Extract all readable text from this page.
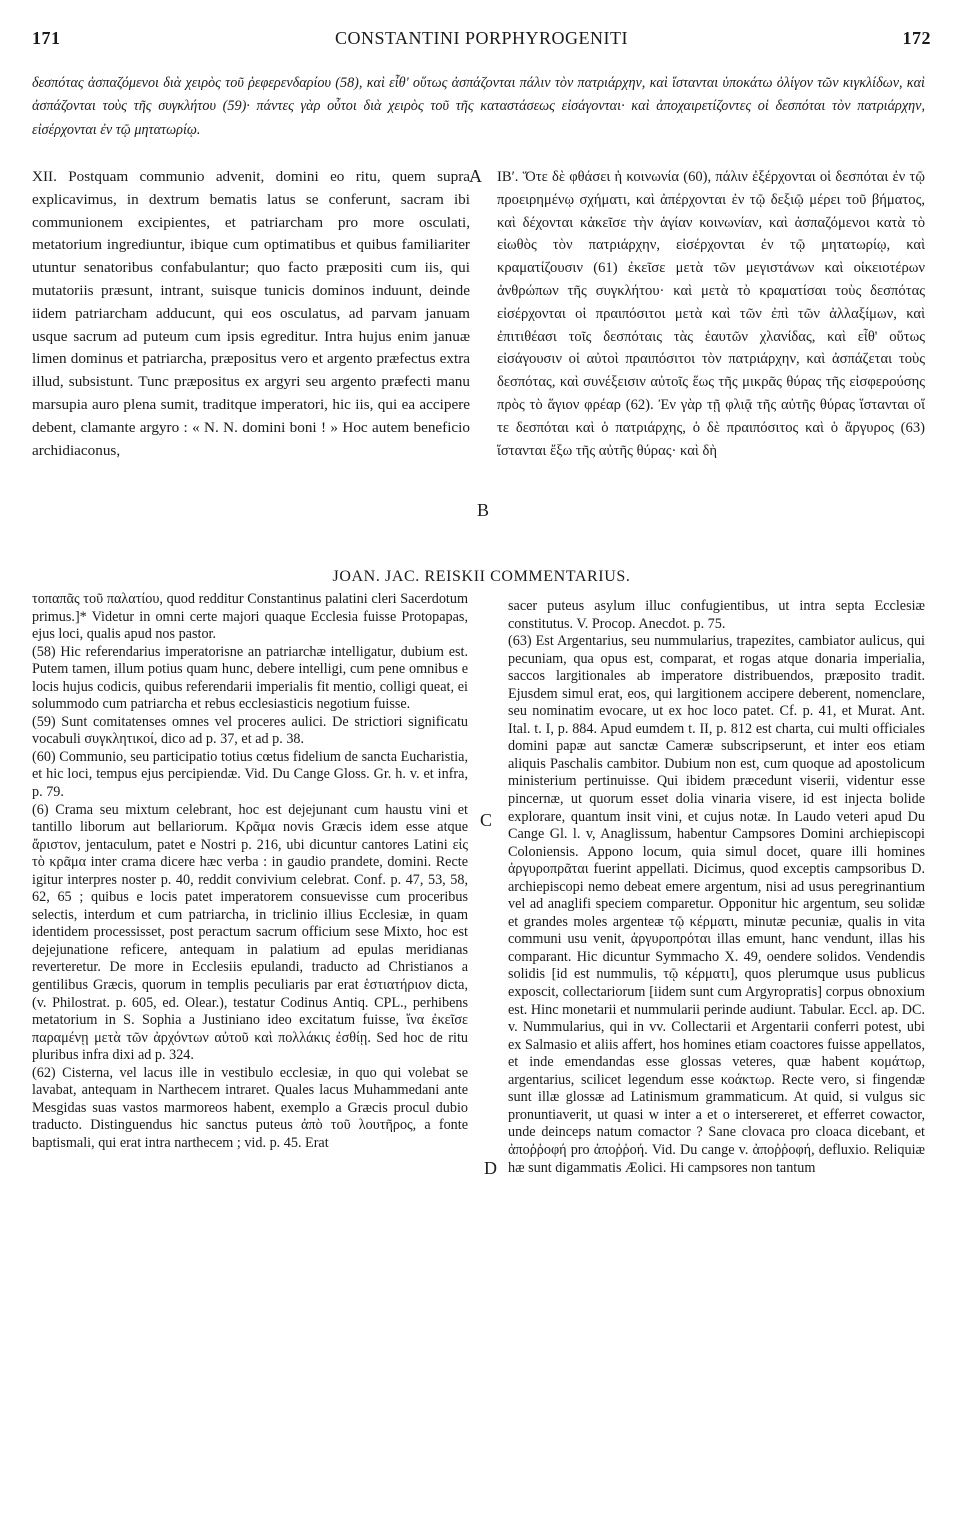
171	CONSTANTINI PORPHYROGENITI	172
δεσπότας ἀσπαζόμενοι διὰ χειρὸς τοῦ ῥεφερενδαρίου (58), καὶ εἶθ' οὕτως ἀσπάζονται πάλιν τὸν πατριάρχην, καὶ ἵστανται ὑποκάτω ὀλίγον τῶν κιγκλίδων, καὶ ἀσπάζονται τοὺς τῆς συγκλήτου (59)· πάντες γὰρ οὗτοι διὰ χειρὸς τοῦ τῆς καταστάσεως εἰσάγονται· καὶ ἀποχαιρετίζοντες οἱ δεσπόται τὸν πατριάρχην, εἰσέρχονται ἐν τῷ μητατωρίῳ.
XII. Postquam communio advenit, domini eo ritu, quem supra explicavimus, in dextrum bematis latus se conferunt, sacram ibi communionem excipientes, et patriarcham pro more osculati, metatorium ingrediuntur, ibique cum optimatibus et quibus familiariter utuntur senatoribus confabulantur; quo facto præpositi cum iis, qui mutatoriis præsunt, intrant, suisque tunicis dominos induunt, deinde iidem patriarcham adducunt, qui eos osculatus, ad parvam januam usque sacrum ad puteum cum ipsis egreditur. Intra hujus enim januæ limen dominus et patriarcha, præpositus vero et argento præfectus extra illud, subsistunt. Tunc præpositus ex argyri seu argento præfecti manu marsupia auro plena sumit, traditque imperatori, hic iis, qui ea accipere debent, clamante argyro : « N. N. domini boni ! » Hoc autem beneficio archidiaconus,
ΙΒʹ. Ὅτε δὲ φθάσει ἡ κοινωνία (60), πάλιν ἐξέρχονται οἱ δεσπόται ἐν τῷ προειρημένῳ σχήματι, καὶ ἀπέρχονται ἐν τῷ δεξιῷ μέρει τοῦ βήματος, καὶ δέχονται κἀκεῖσε τὴν ἁγίαν κοινωνίαν, καὶ ἀσπαζόμενοι κατὰ τὸ εἰωθὸς τὸν πατριάρχην, εἰσέρχονται ἐν τῷ μητατωρίῳ, καὶ κραματίζουσιν (61) ἐκεῖσε μετὰ τῶν μεγιστάνων καὶ οἰκειοτέρων ἀνθρώπων τῆς συγκλήτου· καὶ μετὰ τὸ κραματίσαι τοὺς δεσπότας εἰσέρχονται οἱ πραιπόσιτοι μετὰ καὶ τῶν ἐπὶ τῶν ἀλλαξίμων, καὶ ἐπιτιθέασι τοῖς δεσπόταις τὰς ἑαυτῶν χλανίδας, καὶ εἶθ' οὕτως εἰσάγουσιν οἱ αὐτοὶ πραιπόσιτοι τὸν πατριάρχην, καὶ ἀσπάζεται τοὺς δεσπότας, καὶ συνέξεισιν αὐτοῖς ἕως τῆς μικρᾶς θύρας τῆς εἰσφερούσης πρὸς τὸ ἅγιον φρέαρ (62). Ἐν γὰρ τῇ φλιᾷ τῆς αὐτῆς θύρας ἵστανται οἵ τε δεσπόται καὶ ὁ πατριάρχης, ὁ δὲ πραιπόσιτος καὶ ὁ ἄργυρος (63) ἵστανται ἔξω τῆς αὐτῆς θύρας· καὶ δὴ
A
B
JOAN. JAC. REISKII COMMENTARIUS.

τοπαπᾶς τοῦ παλατίου, quod redditur Constantinus palatini cleri Sacerdotum primus.]* Videtur in omni certe majori quaque Ecclesia fuisse Protopapas, ejus loci, qualis apud nos pastor.

(58) Hic referendarius imperatorisne an patriarchæ intelligatur, dubium est. Putem tamen, illum potius quam hunc, debere intelligi, cum pene omnibus e locis hujus codicis, quibus referendarii imperialis fit mentio, colligi queat, ei solummodo cum patriarcha et rebus ecclesiasticis negotium fuisse.

(59) Sunt comitatenses omnes vel proceres aulici. De strictiori significatu vocabuli συγκλητικοί, dico ad p. 37, et ad p. 38.

(60) Communio, seu participatio totius cœtus fidelium de sancta Eucharistia, et hic loci, tempus ejus percipiendæ. Vid. Du Cange Gloss. Gr. h. v. et infra, p. 79.

(6) Crama seu mixtum celebrant, hoc est dejejunant cum haustu vini et tantillo liborum aut bellariorum. Κρᾶμα novis Græcis idem esse atque ἄριστον, jentaculum, patet e Nostri p. 216, ubi dicuntur cantores Latini εἰς τὸ κρᾶμα inter crama dicere hæc verba : in gaudio prandete, domini. Recte igitur interpres noster p. 40, reddit convivium celebrat. Conf. p. 47, 53, 58, 62, 65 ; quibus e locis patet imperatorem consuevisse cum proceribus selectis, interdum et cum patriarcha, in triclinio illius Ecclesiæ, in quam identidem processisset, post peractum sacrum officium sese Mixto, hoc est dejejunatione reficere, antequam in palatium ad epulas meridianas reverteretur. De more in Ecclesiis epulandi, traducto ad Christianos a gentilibus Græcis, quorum in templis peculiaris par erat ἑστιατήριον dicta, (v. Philostrat. p. 605, ed. Olear.), testatur Codinus Antiq. CPL., perhibens metatorium in S. Sophia a Justiniano ideo excitatum fuisse, ἵνα ἐκεῖσε παραμένῃ μετὰ τῶν ἀρχόντων αὐτοῦ καὶ πολλάκις ἐσθίῃ. Sed hoc de ritu pluribus infra dixi ad p. 324.

(62) Cisterna, vel lacus ille in vestibulo ecclesiæ, in quo qui volebat se lavabat, antequam in Narthecem intraret. Quales lacus Muhammedani ante Mesgidas suas vastos marmoreos habent, exemplo a Græcis procul dubio traducto. Distinguendus hic sanctus puteus ἀπὸ τοῦ λουτῆρος, a fonte baptismali, qui erat intra narthecem ; vid. p. 45. Erat

C
D

sacer puteus asylum illuc confugientibus, ut intra septa Ecclesiæ constitutus. V. Procop. Anecdot. p. 75.

(63) Est Argentarius, seu nummularius, trapezites, cambiator aulicus, qui pecuniam, qua opus est, comparat, et rogas atque donaria imperialia, saccos largitionales ab imperatore distribuendos, præposito tradit. Ejusdem simul erat, eos, qui largitionem accipere deberent, nomenclare, seu nominatim evocare, ut ex hoc loco patet. Cf. p. 41, et Murat. Ant. Ital. t. I, p. 884. Apud eumdem t. II, p. 812 est charta, cui multi officiales domini papæ aut sanctæ Cameræ subscripserunt, et inter eos etiam aliquis Paschalis cambitor. Dubium non est, cum quoque ad apostolicum ministerium pertinuisse. Qui ibidem præcedunt viserii, videntur esse pincernæ, ut quorum esset dolia vinaria visere, id est injecta bolide explorare, quantum insit vini, et cujus notæ. In Laudo veteri apud Du Cange Gl. l. v, Anaglissum, habentur Campsores Domini archiepiscopi Coloniensis. Appono locum, quia simul docet, quare illi homines ἀργυροπρᾶται fuerint appellati. Dicimus, quod exceptis campsoribus D. archiepiscopi nemo debeat emere argentum, nisi ad usus peregrinantium vel ad anaglifi speciem comparetur. Opponitur hic argentum, seu solidæ et grandes moles argenteæ τῷ κέρματι, minutæ pecuniæ, qualis in vita communi usu venit, ἀργυροπρόται illas emunt, hanc vendunt, illas his comparant. Hic dicuntur Symmacho X. 49, oendere solidos. Vendendis solidis [id est nummulis, τῷ κέρματι], quos plerumque usus publicus exposcit, collectariorum [iidem sunt cum Argyropratis] corpus obnoxium est. Hinc monetarii et nummularii perinde audiunt. Tabular. Eccl. ap. DC. v. Nummularius, qui in vv. Collectarii et Argentarii conferri potest, ubi ex Salmasio et aliis affert, hos homines etiam coactores fuisse appellatos, et inde emendandas esse glossas veteres, quæ habent κομάτωρ, argentarius, scilicet legendum esse κοάκτωρ. Recte vero, si fingendæ sunt illæ glossæ ad Latinismum grammaticum. At quid, si vulgus sic pronuntiaverit, ut quasi w inter a et o intersereret, et efferret cowactor, unde deinceps natum comactor ? Sane clovaca pro cloaca dicebant, et ἀποῤῥοφή pro ἀποῤῥοή. Vid. Du cange v. ἀποῤῥοφή, defluxio. Reliquiæ hæ sunt digammatis Æolici. Hi campsores non tantum
